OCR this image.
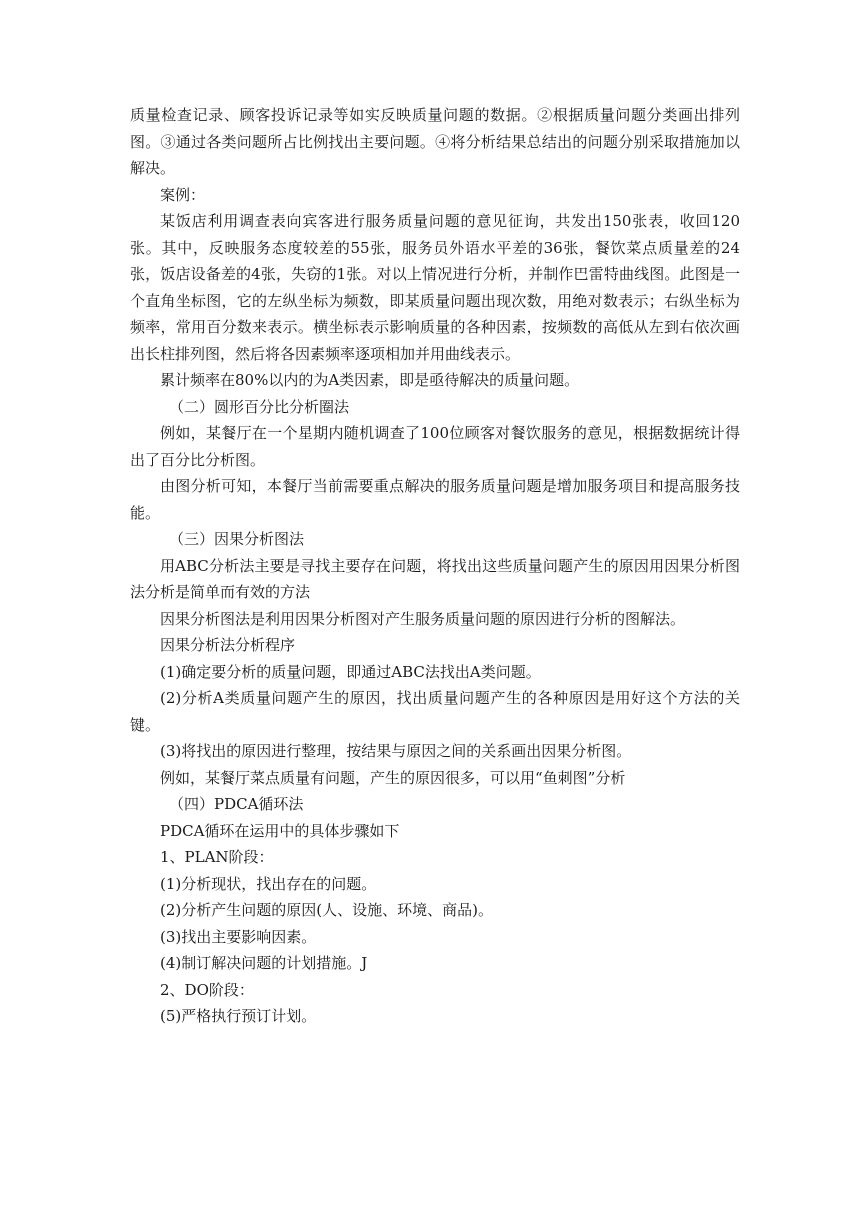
质量检查记录、顾客投诉记录等如实反映质量问题的数据。②根据质量问题分类画出排列图。③通过各类问题所占比例找出主要问题。④将分析结果总结出的问题分别采取措施加以解决。

案例：

某饭店利用调查表向宾客进行服务质量问题的意见征询，共发出150张表，收回120张。其中，反映服务态度较差的55张，服务员外语水平差的36张，餐饮菜点质量差的24张，饭店设备差的4张，失窃的1张。对以上情况进行分析，并制作巴雷特曲线图。此图是一个直角坐标图，它的左纵坐标为频数，即某质量问题出现次数，用绝对数表示；右纵坐标为频率，常用百分数来表示。横坐标表示影响质量的各种因素，按频数的高低从左到右依次画出长柱排列图，然后将各因素频率逐项相加并用曲线表示。

累计频率在80%以内的为A类因素，即是亟待解决的质量问题。

（二）圆形百分比分析圈法

例如，某餐厅在一个星期内随机调查了100位顾客对餐饮服务的意见，根据数据统计得出了百分比分析图。

由图分析可知，本餐厅当前需要重点解决的服务质量问题是增加服务项目和提高服务技能。

（三）因果分析图法

用ABC分析法主要是寻找主要存在问题，将找出这些质量问题产生的原因用因果分析图法分析是简单而有效的方法

因果分析图法是利用因果分析图对产生服务质量问题的原因进行分析的图解法。

因果分析法分析程序

(1)确定要分析的质量问题，即通过ABC法找出A类问题。

(2)分析A类质量问题产生的原因，找出质量问题产生的各种原因是用好这个方法的关键。

(3)将找出的原因进行整理，按结果与原因之间的关系画出因果分析图。

例如，某餐厅菜点质量有问题，产生的原因很多，可以用“鱼刺图”分析

（四）PDCA循环法

PDCA循环在运用中的具体步骤如下

1、PLAN阶段：

(1)分析现状，找出存在的问题。

(2)分析产生问题的原因(人、设施、环境、商品)。

(3)找出主要影响因素。

(4)制订解决问题的计划措施。J

2、DO阶段：

(5)严格执行预订计划。
